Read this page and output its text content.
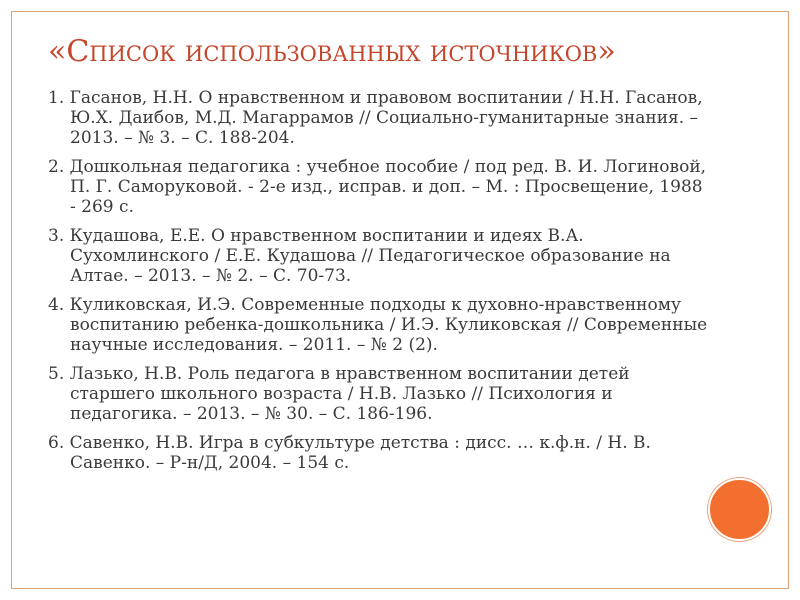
«Список использованных источников»
1. Гасанов, Н.Н. О нравственном и правовом воспитании / Н.Н. Гасанов, Ю.Х. Даибов, М.Д. Магаррамов // Социально-гуманитарные знания. – 2013. – № 3. – С. 188-204.
2. Дошкольная педагогика : учебное пособие / под ред. В. И. Логиновой, П. Г. Саморуковой. - 2-е изд., исправ. и доп. – М. : Просвещение, 1988 - 269 с.
3. Кудашова, Е.Е. О нравственном воспитании и идеях В.А. Сухомлинского / Е.Е. Кудашова // Педагогическое образование на Алтае. – 2013. – № 2. – С. 70-73.
4. Куликовская, И.Э. Современные подходы к духовно-нравственному воспитанию ребенка-дошкольника / И.Э. Куликовская // Современные научные исследования. – 2011. – № 2 (2).
5. Лазько, Н.В. Роль педагога в нравственном воспитании детей старшего школьного возраста / Н.В. Лазько // Психология и педагогика. – 2013. – № 30. – С. 186-196.
6. Савенко, Н.В. Игра в субкультуре детства : дисс. … к.ф.н. / Н. В. Савенко. – Р-н/Д, 2004. – 154 с.
